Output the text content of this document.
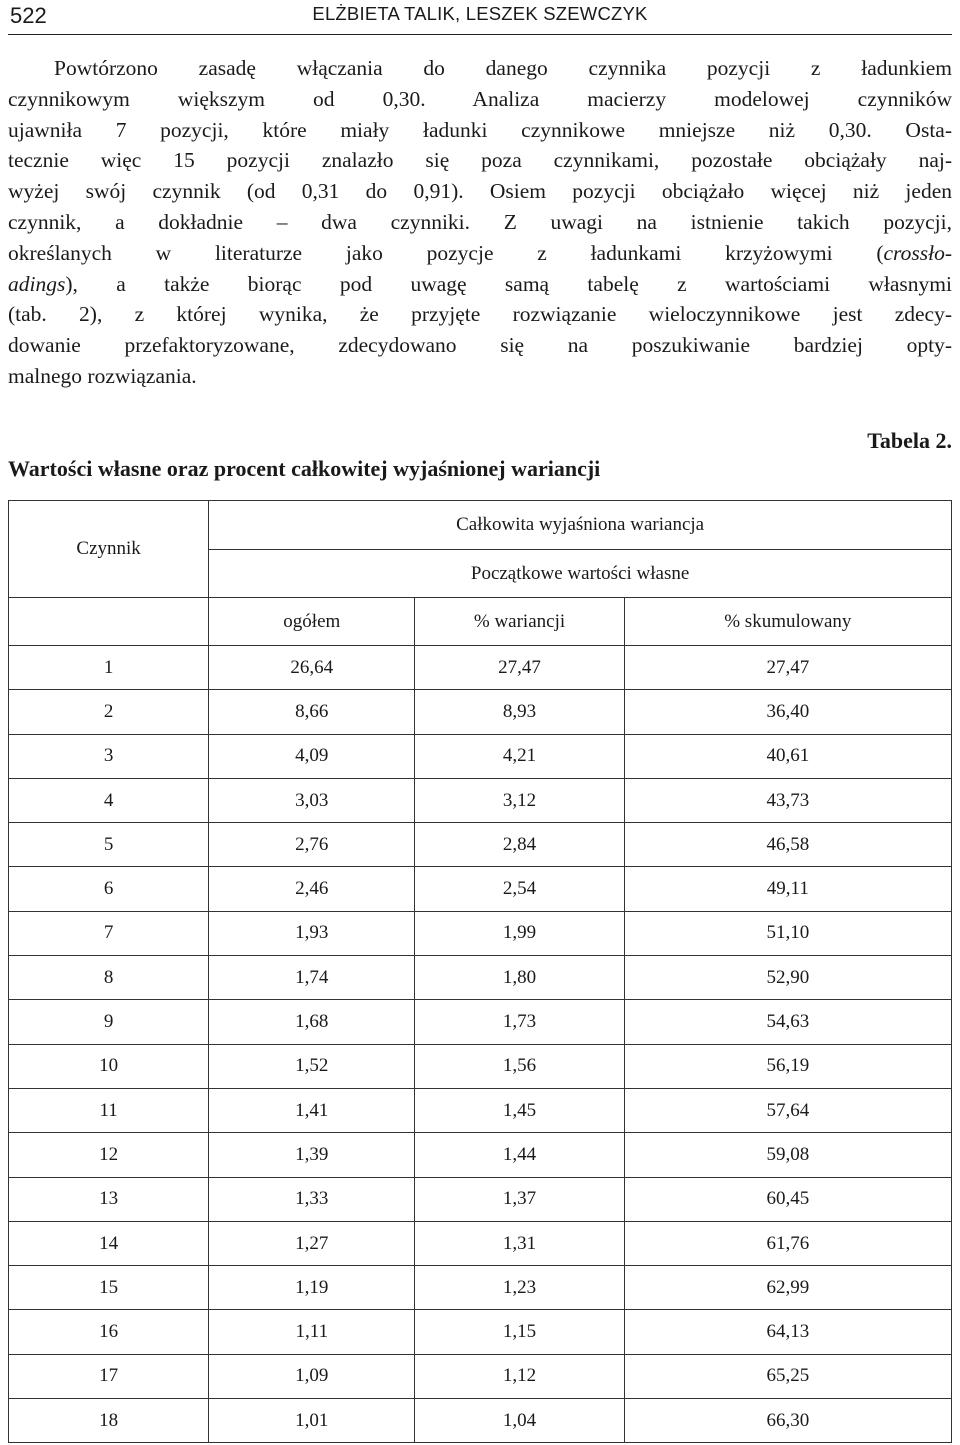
522	ELŻBIETA TALIK, LESZEK SZEWCZYK
Powtórzono zasadę włączania do danego czynnika pozycji z ładunkiem
czynnikowym większym od 0,30. Analiza macierzy modelowej czynników
ujawniła 7 pozycji, które miały ładunki czynnikowe mniejsze niż 0,30. Osta-
tecznie więc 15 pozycji znalazło się poza czynnikami, pozostałe obciążały naj-
wyżej swój czynnik (od 0,31 do 0,91). Osiem pozycji obciążało więcej niż jeden
czynnik, a dokładnie – dwa czynniki. Z uwagi na istnienie takich pozycji,
określanych w literaturze jako pozycje z ładunkami krzyżowymi (crossło-
adings), a także biorąc pod uwagę samą tabelę z wartościami własnymi
(tab. 2), z której wynika, że przyjęte rozwiązanie wieloczynnikowe jest zdecy-
dowanie przefaktoryzowane, zdecydowano się na poszukiwanie bardziej opty-
malnego rozwiązania.
Tabela 2.
Wartości własne oraz procent całkowitej wyjaśnionej wariancji
Czynnik	Całkowita wyjaśniona wariancja		
	Początkowe wartości własne		
	ogółem	% wariancji	% skumulowany
1	26,64	27,47	27,47
2	8,66	8,93	36,40
3	4,09	4,21	40,61
4	3,03	3,12	43,73
5	2,76	2,84	46,58
6	2,46	2,54	49,11
7	1,93	1,99	51,10
8	1,74	1,80	52,90
9	1,68	1,73	54,63
10	1,52	1,56	56,19
11	1,41	1,45	57,64
12	1,39	1,44	59,08
13	1,33	1,37	60,45
14	1,27	1,31	61,76
15	1,19	1,23	62,99
16	1,11	1,15	64,13
17	1,09	1,12	65,25
18	1,01	1,04	66,30
